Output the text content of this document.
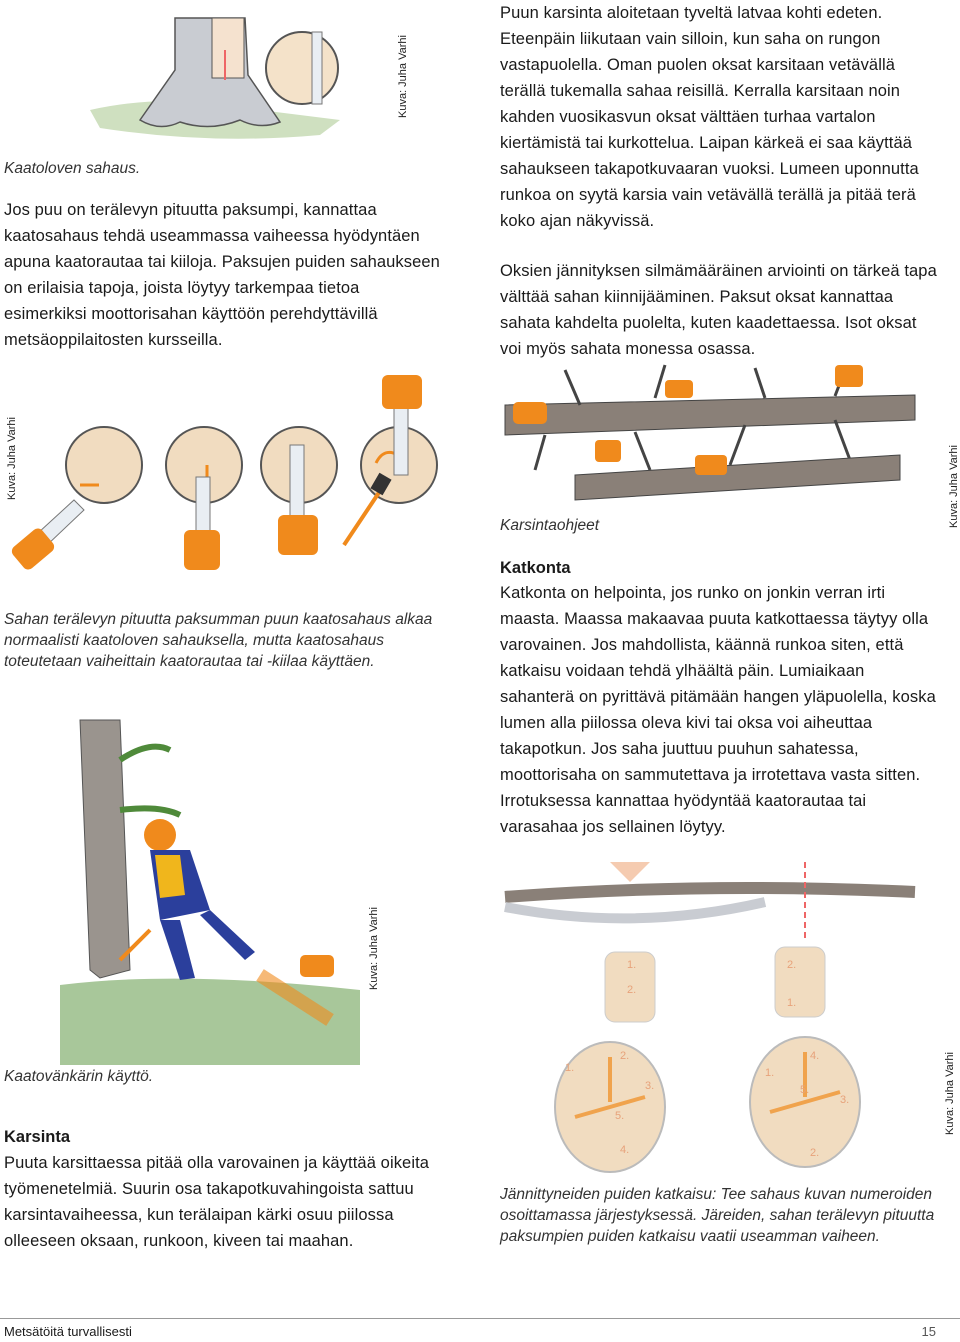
Kuva: Juha Varhi
Kaatoloven sahaus.

Jos puu on terälevyn pituutta paksumpi, kannattaa kaatosahaus tehdä useammassa vaiheessa hyödyntäen apuna kaatorautaa tai kiiloja. Paksujen puiden sahaukseen on erilaisia tapoja, joista löytyy tarkempaa tietoa esimerkiksi moottorisahan käyttöön perehdyttävillä metsäoppilaitosten kursseilla.

Puun karsinta aloitetaan tyveltä latvaa kohti edeten. Eteenpäin liikutaan vain silloin, kun saha on rungon vastapuolella. Oman puolen oksat karsitaan vetävällä terällä tukemalla sahaa reisillä. Kerralla karsitaan noin kahden vuosikasvun oksat välttäen turhaa vartalon kiertämistä tai kurkottelua. Laipan kärkeä ei saa käyttää sahaukseen takapotkuvaaran vuoksi. Lumeen uponnutta runkoa on syytä karsia vain vetävällä terällä ja pitää terä koko ajan näkyvissä.

Oksien jännityksen silmämääräinen arviointi on tärkeä tapa välttää sahan kiinnijääminen. Paksut oksat kannattaa sahata kahdelta puolelta, kuten kaadettaessa. Isot oksat voi myös sahata monessa osassa.

Kuva: Juha Varhi
Sahan terälevyn pituutta paksumman puun kaatosahaus alkaa normaalisti kaatoloven sahauksella, mutta kaatosahaus toteutetaan vaiheittain kaatorautaa tai -kiilaa käyttäen.
Karsintaohjeet	Kuva: Juha Varhi
Katkonta

Katkonta on helpointa, jos runko on jonkin verran irti maasta. Maassa makaavaa puuta katkottaessa täytyy olla varovainen. Jos mahdollista, käännä runkoa siten, että katkaisu voidaan tehdä ylhäältä päin. Lumiaikaan sahanterä on pyrittävä pitämään hangen yläpuolella, koska lumen alla piilossa oleva kivi tai oksa voi aiheuttaa takapotkun. Jos saha juuttuu puuhun sahatessa, moottorisaha on sammutettava ja irrotettava vasta sitten. Irrotuksessa kannattaa hyödyntää kaatorautaa tai varasahaa jos sellainen löytyy.

Kuva: Juha Varhi
Kaatovänkärin käyttö.
Karsinta

Puuta karsittaessa pitää olla varovainen ja käyttää oikeita työmenetelmiä. Suurin osa takapotkuvahingoista sattuu karsintavaiheessa, kun terälaipan kärki osuu piilossa olleeseen oksaan, runkoon, kiveen tai maahan.

1.
2.
2.
1.
1.
2.
3.
4.
5.
1.
2.
3.
4.
5.	Kuva: Juha Varhi
Jännittyneiden puiden katkaisu: Tee sahaus kuvan numeroiden osoittamassa järjestyksessä. Järeiden, sahan terälevyn pituutta paksumpien puiden katkaisu vaatii useamman vaiheen.
Metsätöitä turvallisesti	15
